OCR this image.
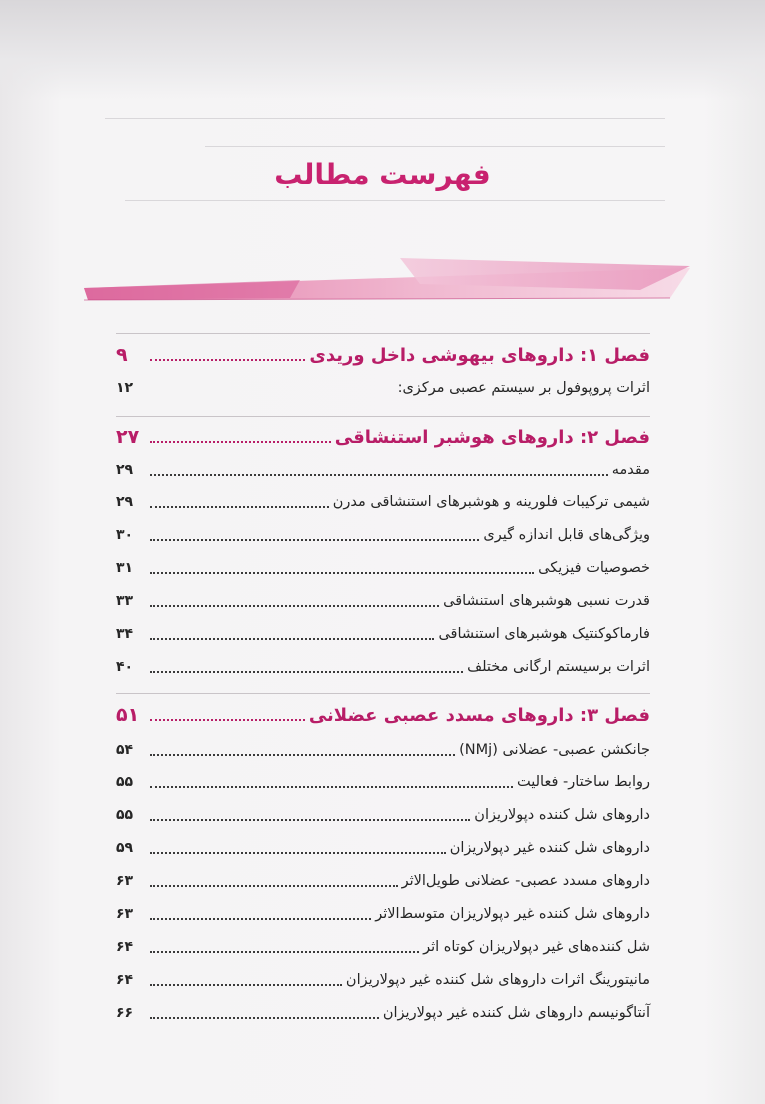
فهرست مطالب
فصل ۱: داروهای بیهوشی داخل وریدی
۹
اثرات پروپوفول بر سیستم عصبی مرکزی:
۱۲
فصل ۲: داروهای هوشبر استنشاقی
۲۷
مقدمه
۲۹
شیمی ترکیبات فلورینه و هوشبرهای استنشاقی مدرن
۲۹
ویژگی‌های قابل اندازه گیری
۳۰
خصوصیات فیزیکی
۳۱
قدرت نسبی هوشبرهای استنشاقی
۳۳
فارماکوکنتیک هوشبرهای استنشاقی
۳۴
اثرات برسیستم ارگانی مختلف
۴۰
فصل ۳: داروهای مسدد عصبی عضلانی
۵۱
جانکشن عصبی- عضلانی (NMj)
۵۴
روابط ساختار- فعالیت
۵۵
داروهای شل کننده دپولاریزان
۵۵
داروهای شل کننده غیر دپولاریزان
۵۹
داروهای مسدد عصبی- عضلانی طویل‌الاثر
۶۳
داروهای شل کننده غیر دپولاریزان متوسط‌الاثر
۶۳
شل کننده‌های غیر دپولاریزان کوتاه اثر
۶۴
مانیتورینگ اثرات داروهای شل کننده غیر دپولاریزان
۶۴
آنتاگونیسم داروهای شل کننده غیر دپولاریزان
۶۶
